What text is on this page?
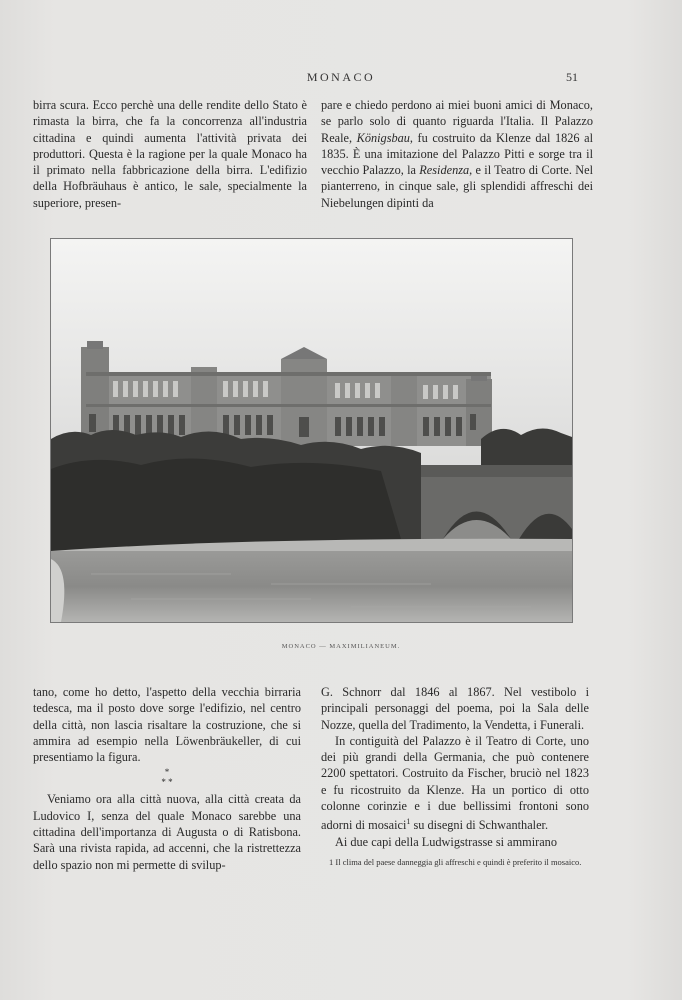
MONACO	51

birra scura. Ecco perchè una delle rendite dello Stato è rimasta la birra, che fa la concorrenza all'industria cittadina e quindi aumenta l'attività privata dei produttori. Questa è la ragione per la quale Monaco ha il primato nella fabbricazione della birra. L'edifizio della Hofbräuhaus è antico, le sale, specialmente la superiore, presen-

pare e chiedo perdono ai miei buoni amici di Monaco, se parlo solo di quanto riguarda l'Italia. Il Palazzo Reale, Königsbau, fu costruito da Klenze dal 1826 al 1835. È una imitazione del Palazzo Pitti e sorge tra il vecchio Palazzo, la Residenza, e il Teatro di Corte. Nel pianterreno, in cinque sale, gli splendidi affreschi dei Niebelungen dipinti da

MONACO — MAXIMILIANEUM.

tano, come ho detto, l'aspetto della vecchia birraria tedesca, ma il posto dove sorge l'edifizio, nel centro della città, non lascia risaltare la costruzione, che si ammira ad esempio nella Löwenbräukeller, di cui presentiamo la figura.

*
* *

Veniamo ora alla città nuova, alla città creata da Ludovico I, senza del quale Monaco sarebbe una cittadina dell'importanza di Augusta o di Ratisbona. Sarà una rivista rapida, ad accenni, che la ristrettezza dello spazio non mi permette di svilup-

G. Schnorr dal 1846 al 1867. Nel vestibolo i principali personaggi del poema, poi la Sala delle Nozze, quella del Tradimento, la Vendetta, i Funerali.

In contiguità del Palazzo è il Teatro di Corte, uno dei più grandi della Germania, che può contenere 2200 spettatori. Costruito da Fischer, bruciò nel 1823 e fu ricostruito da Klenze. Ha un portico di otto colonne corinzie e i due bellissimi frontoni sono adorni di mosaici$^1$ su disegni di Schwanthaler.

Ai due capi della Ludwigstrasse si ammirano

1 Il clima del paese danneggia gli affreschi e quindi è preferito il mosaico.
